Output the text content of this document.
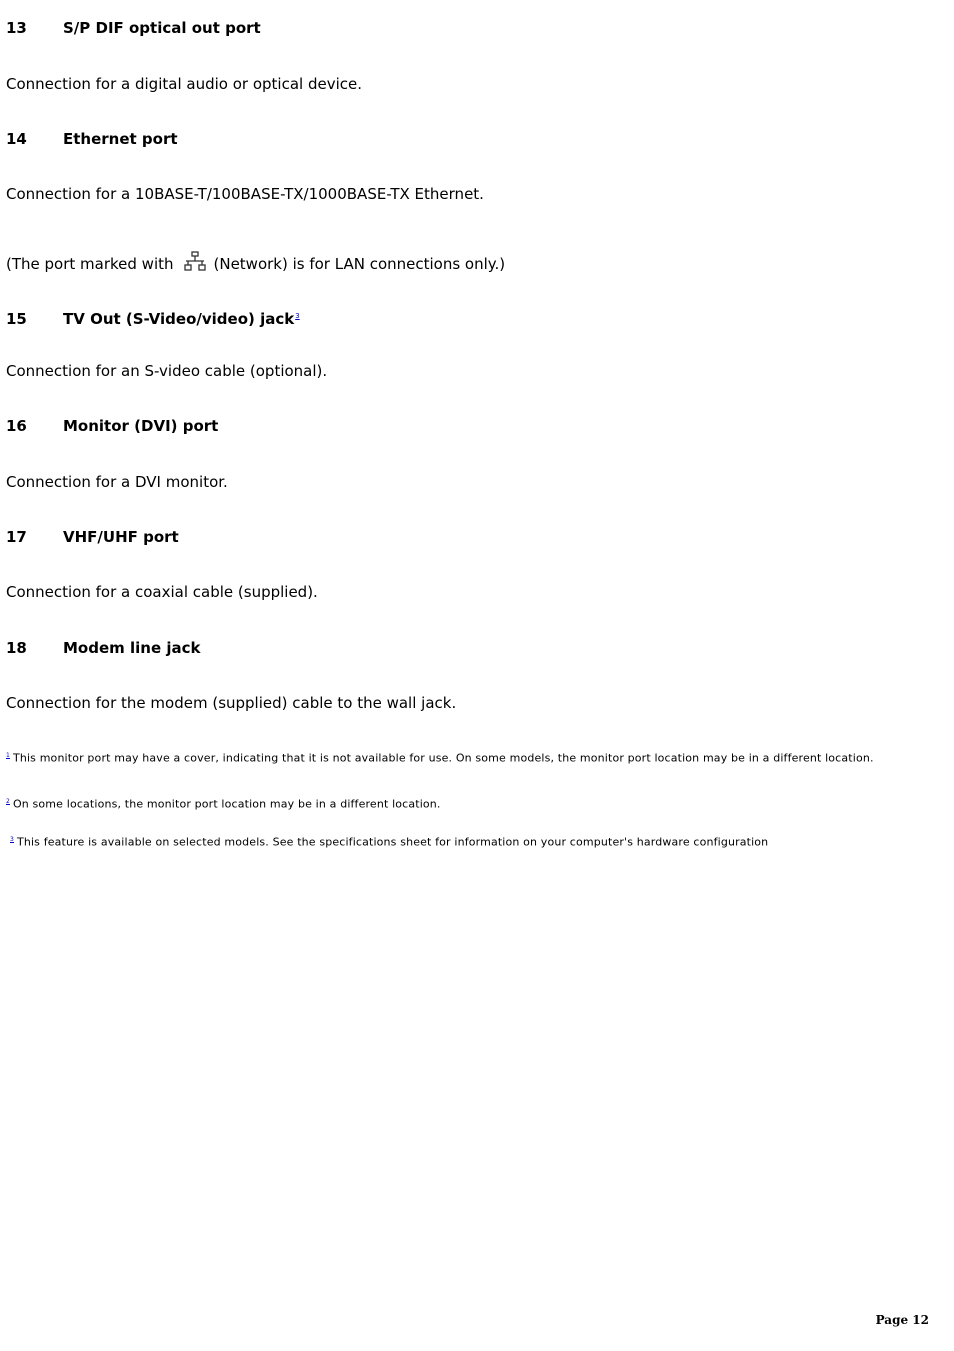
13 S/P DIF optical out port
Connection for a digital audio or optical device.
14 Ethernet port
Connection for a 10BASE-T/100BASE-TX/1000BASE-TX Ethernet.
(The port marked with	(Network) is for LAN connections only.)
15 TV Out (S-Video/video) jack$^3$
Connection for an S-video cable (optional).
16 Monitor (DVI) port
Connection for a DVI monitor.
17 VHF/UHF port
Connection for a coaxial cable (supplied).
18 Modem line jack
Connection for the modem (supplied) cable to the wall jack.
$^1$ This monitor port may have a cover, indicating that it is not available for use. On some models, the monitor port location may be in a different location.
$^2$ On some locations, the monitor port location may be in a different location.
$^3$ This feature is available on selected models. See the specifications sheet for information on your computer's hardware configuration
Page 12
